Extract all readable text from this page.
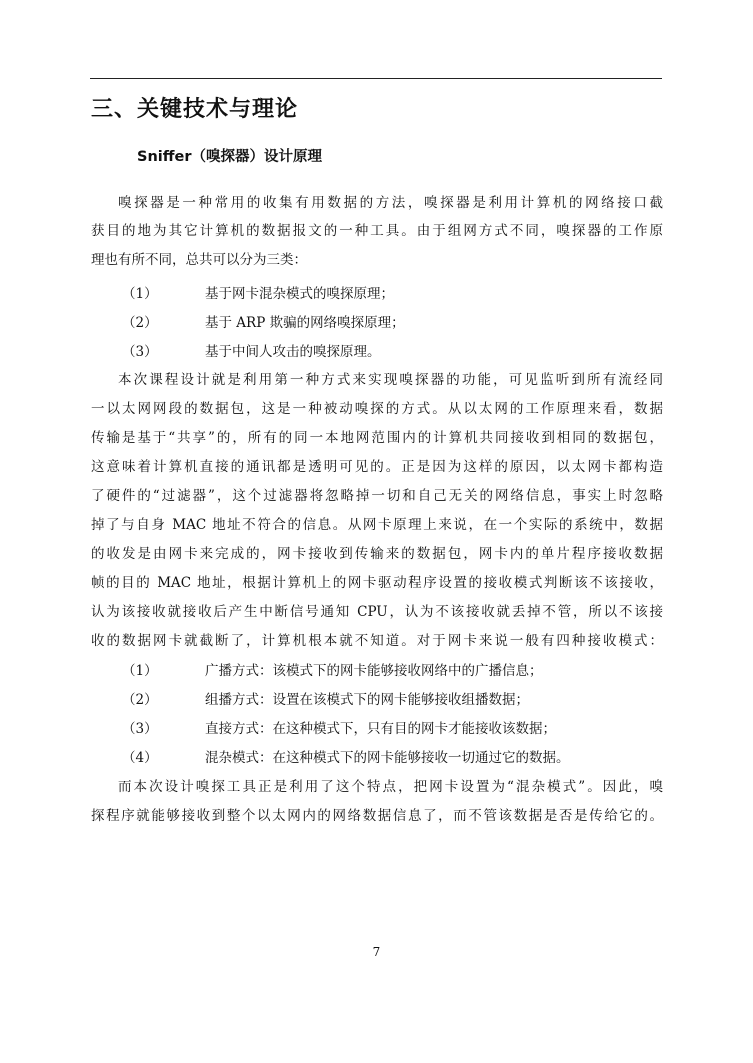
三、关键技术与理论
Sniffer（嗅探器）设计原理
嗅探器是一种常用的收集有用数据的方法，嗅探器是利用计算机的网络接口截
获目的地为其它计算机的数据报文的一种工具。由于组网方式不同，嗅探器的工作原
理也有所不同，总共可以分为三类：
（1）	基于网卡混杂模式的嗅探原理；
（2）	基于 ARP 欺骗的网络嗅探原理；
（3）	基于中间人攻击的嗅探原理。
本次课程设计就是利用第一种方式来实现嗅探器的功能，可见监听到所有流经同
一以太网网段的数据包，这是一种被动嗅探的方式。从以太网的工作原理来看，数据
传输是基于“共享”的，所有的同一本地网范围内的计算机共同接收到相同的数据包，
这意味着计算机直接的通讯都是透明可见的。正是因为这样的原因，以太网卡都构造
了硬件的“过滤器”，这个过滤器将忽略掉一切和自己无关的网络信息，事实上时忽略
掉了与自身 MAC 地址不符合的信息。从网卡原理上来说，在一个实际的系统中，数据
的收发是由网卡来完成的，网卡接收到传输来的数据包，网卡内的单片程序接收数据
帧的目的 MAC 地址，根据计算机上的网卡驱动程序设置的接收模式判断该不该接收，
认为该接收就接收后产生中断信号通知 CPU，认为不该接收就丢掉不管，所以不该接
收的数据网卡就截断了，计算机根本就不知道。对于网卡来说一般有四种接收模式：
（1）	广播方式：该模式下的网卡能够接收网络中的广播信息；
（2）	组播方式：设置在该模式下的网卡能够接收组播数据；
（3）	直接方式：在这种模式下，只有目的网卡才能接收该数据；
（4）	混杂模式：在这种模式下的网卡能够接收一切通过它的数据。
而本次设计嗅探工具正是利用了这个特点，把网卡设置为“混杂模式”。因此，嗅
探程序就能够接收到整个以太网内的网络数据信息了，而不管该数据是否是传给它的。
7
